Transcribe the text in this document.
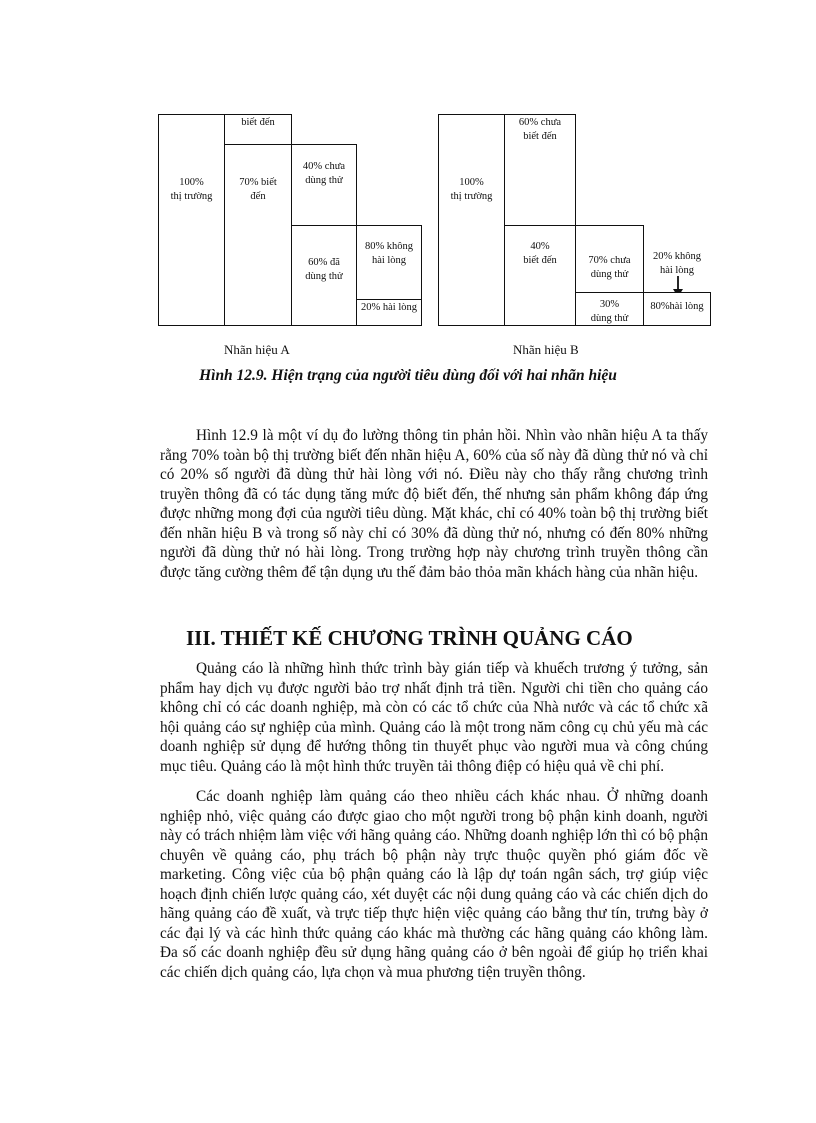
100%
thị trường
biết đến
70% biết
đến
40% chưa
dùng thử
60% đã
dùng thử
80% không
hài lòng
20% hài lòng
Nhãn hiệu A
100%
thị trường
60% chưa
biết đến
40%
biết đến	70% chưa
dùng thử
30%
dùng thử
20% không
hài lòng
80%hài lòng
Nhãn hiệu B
Hình 12.9. Hiện trạng của người tiêu dùng đối với hai nhãn hiệu

Hình 12.9 là một ví dụ đo lường thông tin phản hồi. Nhìn vào nhãn hiệu A ta thấy rằng 70% toàn bộ thị trường biết đến nhãn hiệu A, 60% của số này đã dùng thử nó và chỉ có 20% số người đã dùng thử hài lòng với nó. Điều này cho thấy rằng chương trình truyền thông đã có tác dụng tăng mức độ biết đến, thế nhưng sản phẩm không đáp ứng được những mong đợi của người tiêu dùng. Mặt khác, chỉ có 40% toàn bộ thị trường biết đến nhãn hiệu B và trong số này chỉ có 30% đã dùng thử nó, nhưng có đến 80% những người đã dùng thử nó hài lòng. Trong trường hợp này chương trình truyền thông cần được tăng cường thêm để tận dụng ưu thế đảm bảo thỏa mãn khách hàng của nhãn hiệu.

III. THIẾT KẾ CHƯƠNG TRÌNH QUẢNG CÁO

Quảng cáo là những hình thức trình bày gián tiếp và khuếch trương ý tưởng, sản phẩm hay dịch vụ được người bảo trợ nhất định trả tiền. Người chi tiền cho quảng cáo không chỉ có các doanh nghiệp, mà còn có các tổ chức của Nhà nước và các tổ chức xã hội quảng cáo sự nghiệp của mình. Quảng cáo là một trong năm công cụ chủ yếu mà các doanh nghiệp sử dụng để hướng thông tin thuyết phục vào người mua và công chúng mục tiêu. Quảng cáo là một hình thức truyền tải thông điệp có hiệu quả về chi phí.

Các doanh nghiệp làm quảng cáo theo nhiều cách khác nhau. Ở những doanh nghiệp nhỏ, việc quảng cáo được giao cho một người trong bộ phận kinh doanh, người này có trách nhiệm làm việc với hãng quảng cáo. Những doanh nghiệp lớn thì có bộ phận chuyên về quảng cáo, phụ trách bộ phận này trực thuộc quyền phó giám đốc về marketing. Công việc của bộ phận quảng cáo là lập dự toán ngân sách, trợ giúp việc hoạch định chiến lược quảng cáo, xét duyệt các nội dung quảng cáo và các chiến dịch do hãng quảng cáo đề xuất, và trực tiếp thực hiện việc quảng cáo bằng thư tín, trưng bày ở các đại lý và các hình thức quảng cáo khác mà thường các hãng quảng cáo không làm. Đa số các doanh nghiệp đều sử dụng hãng quảng cáo ở bên ngoài để giúp họ triển khai các chiến dịch quảng cáo, lựa chọn và mua phương tiện truyền thông.
